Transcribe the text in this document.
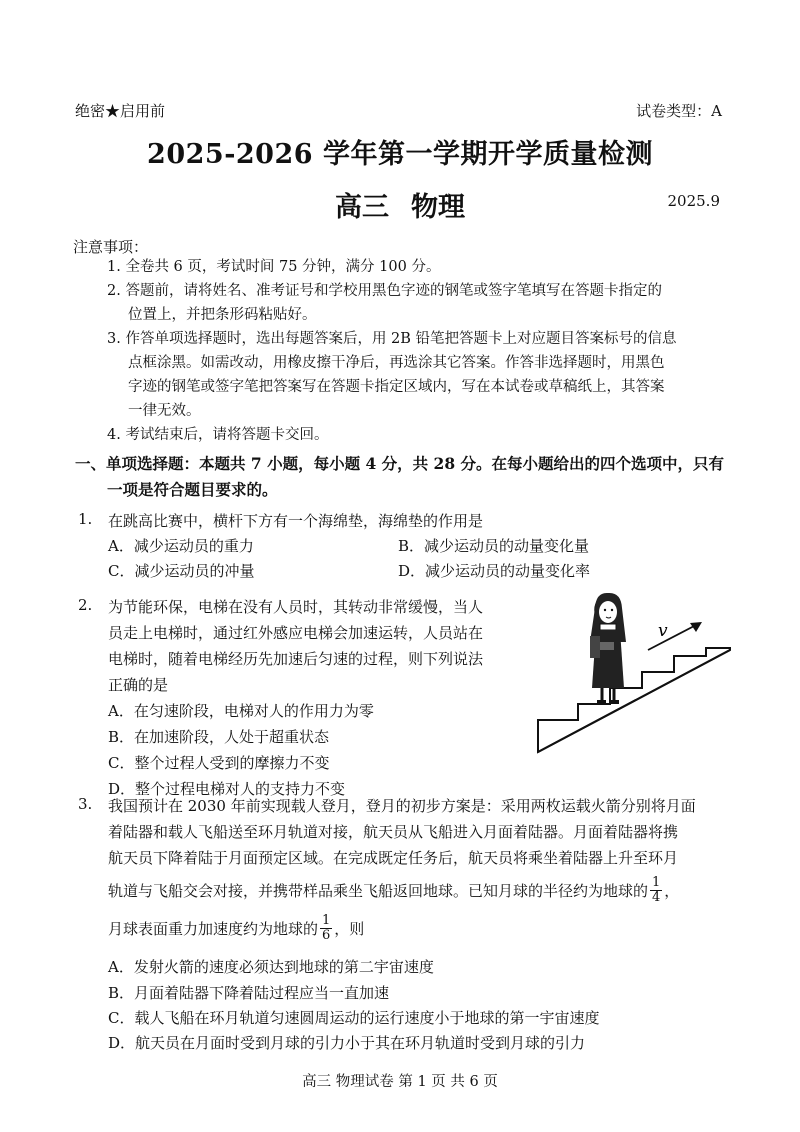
绝密★启用前	试卷类型：A
2025-2026 学年第一学期开学质量检测
高三 物理	2025.9
注意事项：
1. 全卷共 6 页，考试时间 75 分钟，满分 100 分。
2. 答题前，请将姓名、准考证号和学校用黑色字迹的钢笔或签字笔填写在答题卡指定的
位置上，并把条形码粘贴好。
3. 作答单项选择题时，选出每题答案后，用 2B 铅笔把答题卡上对应题目答案标号的信息
点框涂黑。如需改动，用橡皮擦干净后，再选涂其它答案。作答非选择题时，用黑色
字迹的钢笔或签字笔把答案写在答题卡指定区域内，写在本试卷或草稿纸上，其答案
一律无效。
4. 考试结束后，请将答题卡交回。
一、单项选择题：本题共 7 小题，每小题 4 分，共 28 分。在每小题给出的四个选项中，只有
一项是符合题目要求的。
1. 在跳高比赛中，横杆下方有一个海绵垫，海绵垫的作用是
A．减少运动员的重力	B．减少运动员的动量变化量
C．减少运动员的冲量	D．减少运动员的动量变化率
2. 为节能环保，电梯在没有人员时，其转动非常缓慢，当人
员走上电梯时，通过红外感应电梯会加速运转，人员站在
电梯时，随着电梯经历先加速后匀速的过程，则下列说法
正确的是
A．在匀速阶段，电梯对人的作用力为零
B．在加速阶段，人处于超重状态
C．整个过程人受到的摩擦力不变
D．整个过程电梯对人的支持力不变
v
3. 我国预计在 2030 年前实现载人登月，登月的初步方案是：采用两枚运载火箭分别将月面
着陆器和载人飞船送至环月轨道对接，航天员从飞船进入月面着陆器。月面着陆器将携
航天员下降着陆于月面预定区域。在完成既定任务后，航天员将乘坐着陆器上升至环月
轨道与飞船交会对接，并携带样品乘坐飞船返回地球。已知月球的半径约为地球的 $\frac{1}{4}$ ，
月球表面重力加速度约为地球的 $\frac{1}{6}$ ，则
A．发射火箭的速度必须达到地球的第二宇宙速度
B．月面着陆器下降着陆过程应当一直加速
C．载人飞船在环月轨道匀速圆周运动的运行速度小于地球的第一宇宙速度
D．航天员在月面时受到月球的引力小于其在环月轨道时受到月球的引力
高三 物理试卷 第 1 页 共 6 页
